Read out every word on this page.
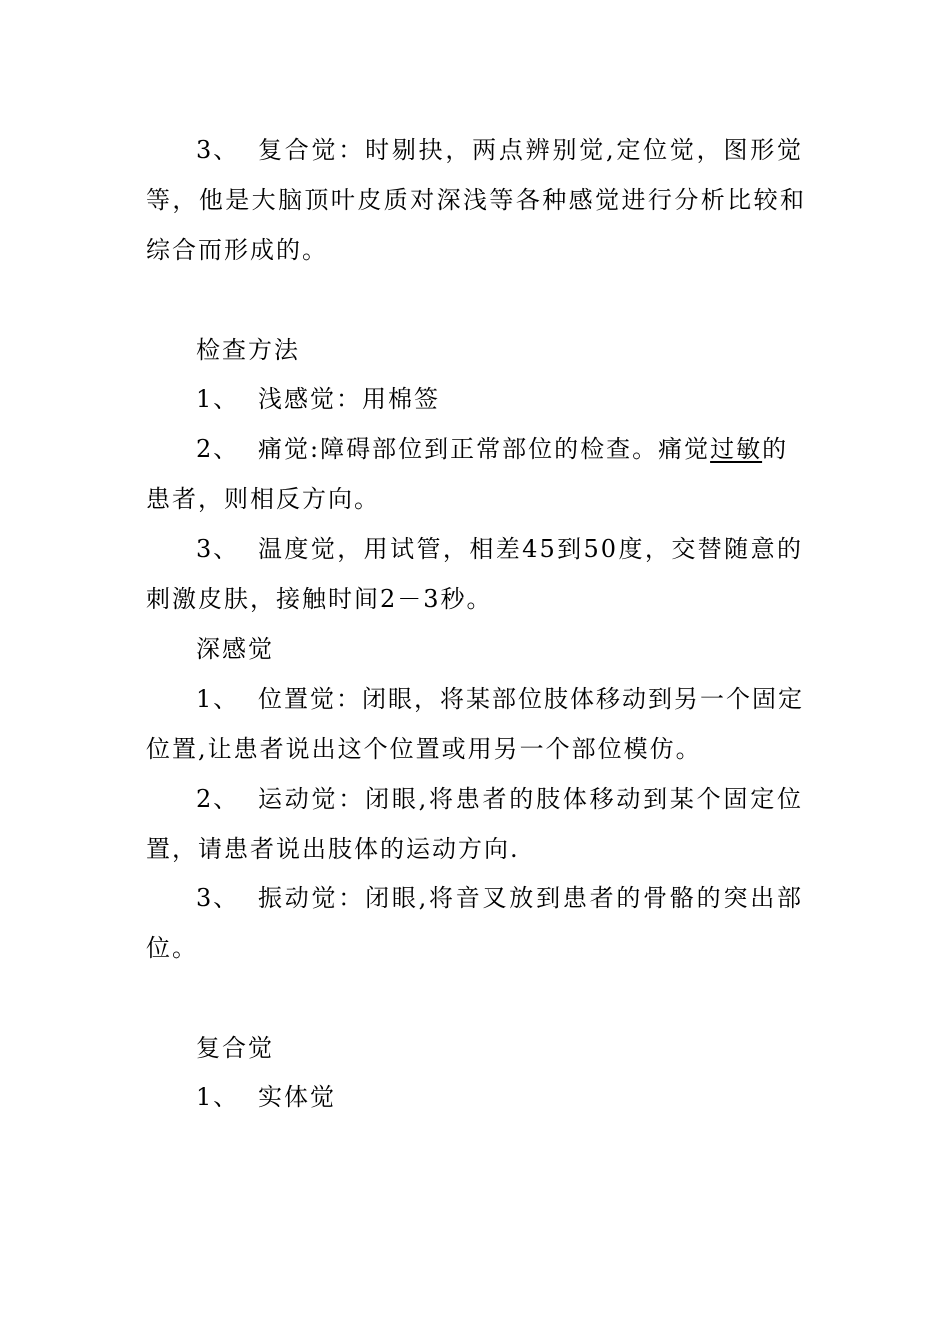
3、 复合觉：时剔抉，两点辨别觉,定位觉，图形觉
等，他是大脑顶叶皮质对深浅等各种感觉进行分析比较和
综合而形成的。
检查方法
1、 浅感觉：用棉签
2、 痛觉:障碍部位到正常部位的检查。痛觉过敏的
患者，则相反方向。
3、 温度觉，用试管，相差45到50度，交替随意的
刺激皮肤，接触时间2－3秒。
深感觉
1、 位置觉：闭眼，将某部位肢体移动到另一个固定
位置,让患者说出这个位置或用另一个部位模仿。
2、 运动觉：闭眼,将患者的肢体移动到某个固定位
置，请患者说出肢体的运动方向.
3、 振动觉：闭眼,将音叉放到患者的骨骼的突出部
位。
复合觉
1、 实体觉
